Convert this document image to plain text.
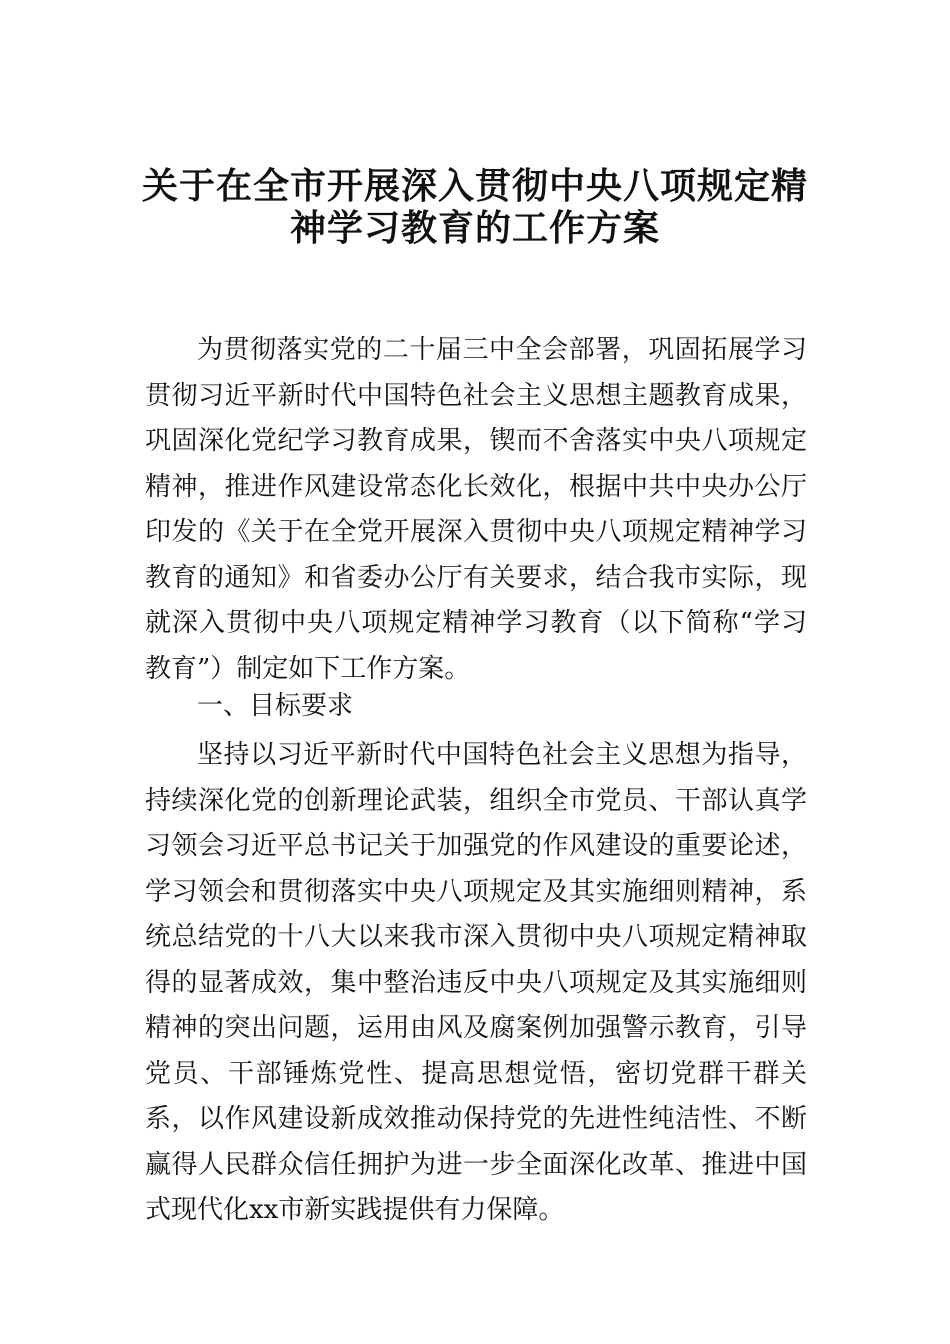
关于在全市开展深入贯彻中央八项规定精
神学习教育的工作方案
为贯彻落实党的二十届三中全会部署，巩固拓展学习贯彻习近平新时代中国特色社会主义思想主题教育成果，巩固深化党纪学习教育成果，锲而不舍落实中央八项规定精神，推进作风建设常态化长效化，根据中共中央办公厅印发的《关于在全党开展深入贯彻中央八项规定精神学习教育的通知》和省委办公厅有关要求，结合我市实际，现就深入贯彻中央八项规定精神学习教育（以下简称“学习教育”）制定如下工作方案。
一、目标要求
坚持以习近平新时代中国特色社会主义思想为指导，持续深化党的创新理论武装，组织全市党员、干部认真学习领会习近平总书记关于加强党的作风建设的重要论述，学习领会和贯彻落实中央八项规定及其实施细则精神，系统总结党的十八大以来我市深入贯彻中央八项规定精神取得的显著成效，集中整治违反中央八项规定及其实施细则精神的突出问题，运用由风及腐案例加强警示教育，引导党员、干部锤炼党性、提高思想觉悟，密切党群干群关系，以作风建设新成效推动保持党的先进性纯洁性、不断赢得人民群众信任拥护为进一步全面深化改革、推进中国式现代化xx市新实践提供有力保障。
